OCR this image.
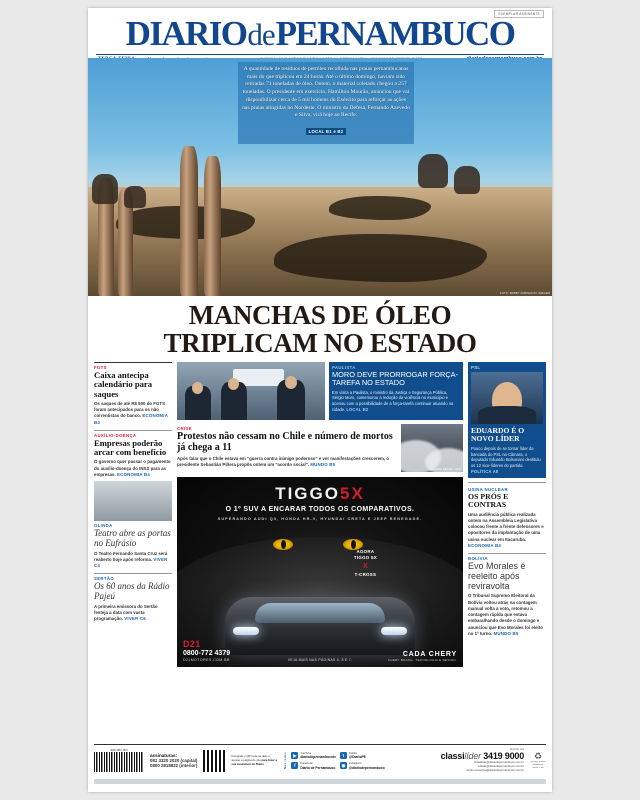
EXEMPLAR ASSINANTE
DIARIO de PERNAMBUCO

A quantidade de resíduos de petróleo recolhida nas praias pernambucanas mais do que triplicou em 24 horas. Até o último domingo, haviam sido retiradas 71 toneladas de óleo. Ontem, o material coletado chegou a 257 toneladas. O presidente em exercício, Hamilton Mourão, anunciou que vai disponibilizar cerca de 5 mil homens do Exército para reforçar as ações nas praias atingidas no Nordeste. O ministro da Defesa, Fernando Azevedo e Silva, virá hoje ao Recife.

LOCAL B1 e B2
FOTO: BOBBY FABISAK/JC IMAGEM
MANCHAS DE ÓLEO
TRIPLICAM NO ESTADO
FGTS
Caixa antecipa calendário para saques

Os saques de até R$ 500 do FGTS foram antecipados para os não correntistas do banco. ECONOMIA B4

AUXÍLIO-DOENÇA
Empresas poderão arcar com benefício

O governo quer passar o pagamento do auxílio-doença do INSS para as empresas. ECONOMIA B4

OLINDA
Teatro abre as portas no Eufrásio

O Teatro Fernando Santa Cruz será reaberto hoje após reforma. VIVER C4

SERTÃO
Os 60 anos da Rádio Pajeú

A primeira emissora do Sertão festeja a data com vasta programação. VIVER C6

PAULISTA
MORO DEVE PRORROGAR FORÇA-TAREFA NO ESTADO

Em visita a Paulista, o ministro da Justiça e Segurança Pública, Sérgio Moro, comemorou a redução da violência no município e acenou com a possibilidade de a força-tarefa continuar atuando na cidade. LOCAL B2

CRISE
Protestos não cessam no Chile e número de mortos já chega a 11

Após falar que o Chile estava em "guerra contra inimigo poderoso" e ver manifestações crescerem, o presidente Sebastián Piñera propôs ontem um "acordo social". MUNDO B5

CLAUDIO REYES / AFP
TIGGO5X
O 1º SUV A ENCARAR TODOS OS COMPARATIVOS.
SUPERANDO AUDI Q3, HONDA HR-V, HYUNDAI CRETA E JEEP RENEGADE.
AGORA
TIGGO 5X
X
T-CROSS
D21
0800-772 4379
D21MOTORES.COM.BR	VEJA MAIS NAS PÁGINAS 6, 8 E 7.
CADA CHERY
CHERY BRASIL. TECNOLOGIA E DESIGN.
PSL
EDUARDO É O NOVO LÍDER

Pouco depois de se tornar líder da bancada do PSL na Câmara, o deputado Eduardo Bolsonaro destituiu os 12 vice-líderes do partido. POLÍTICA A8

USINA NUCLEAR
OS PRÓS E CONTRAS

Uma audiência pública realizada ontem na Assembleia Legislativa colocou frente a frente defensores e opositores da implantação de uma usina nuclear em Itacuruba. ECONOMIA B4

BOLÍVIA
Evo Morales é reeleito após reviravolta

O Tribunal Supremo Eleitoral da Bolívia voltou atrás na contagem manual volta a voto, retomou a contagem rápida que estava embaralhando desde o domingo e anunciou que Evo Morales foi eleito no 1º turno. MUNDO B5

ISSN 1667-7572
assinaturas:
081 3320 2020 (capital)
0800 2818822 (interior)
Fotografe o QR code ao lado e acesse a página do site para fazer a sua assinatura do Diario	Nas redes	▶
YouTube
diariodepernambucotv
f
Facebook
Diario de Pernambuco
t
Twitter
@DiarioPE
◉
Instagram
@diariodepernambuco
Anuncie nos
classilíder 3419 9000
classilider@diariodepernambuco.com.br
editalis@diariodepernambuco.com.br
depto.comercial@diariodepernambuco.com.br
♻
por uma prática sustentável, recicle o seu
